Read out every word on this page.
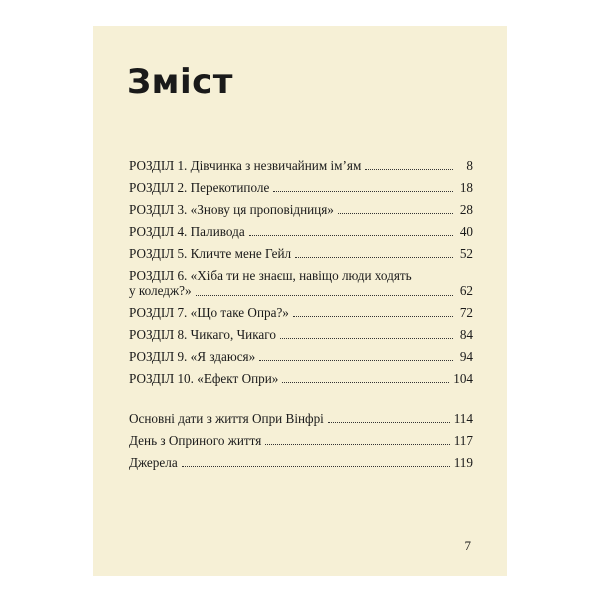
Зміст
РОЗДІЛ 1. Дівчинка з незвичайним ім’ям	8
РОЗДІЛ 2. Перекотиполе	18
РОЗДІЛ 3. «Знову ця проповідниця»	28
РОЗДІЛ 4. Паливода	40
РОЗДІЛ 5. Кличте мене Гейл	52
РОЗДІЛ 6. «Хіба ти не знаєш, навіщо люди ходять
у коледж?»	62
РОЗДІЛ 7. «Що таке Опра?»	72
РОЗДІЛ 8. Чикаго, Чикаго	84
РОЗДІЛ 9. «Я здаюся»	94
РОЗДІЛ 10. «Ефект Опри»	104
Основні дати з життя Опри Вінфрі	114
День з Оприного життя	117
Джерела	119
7
